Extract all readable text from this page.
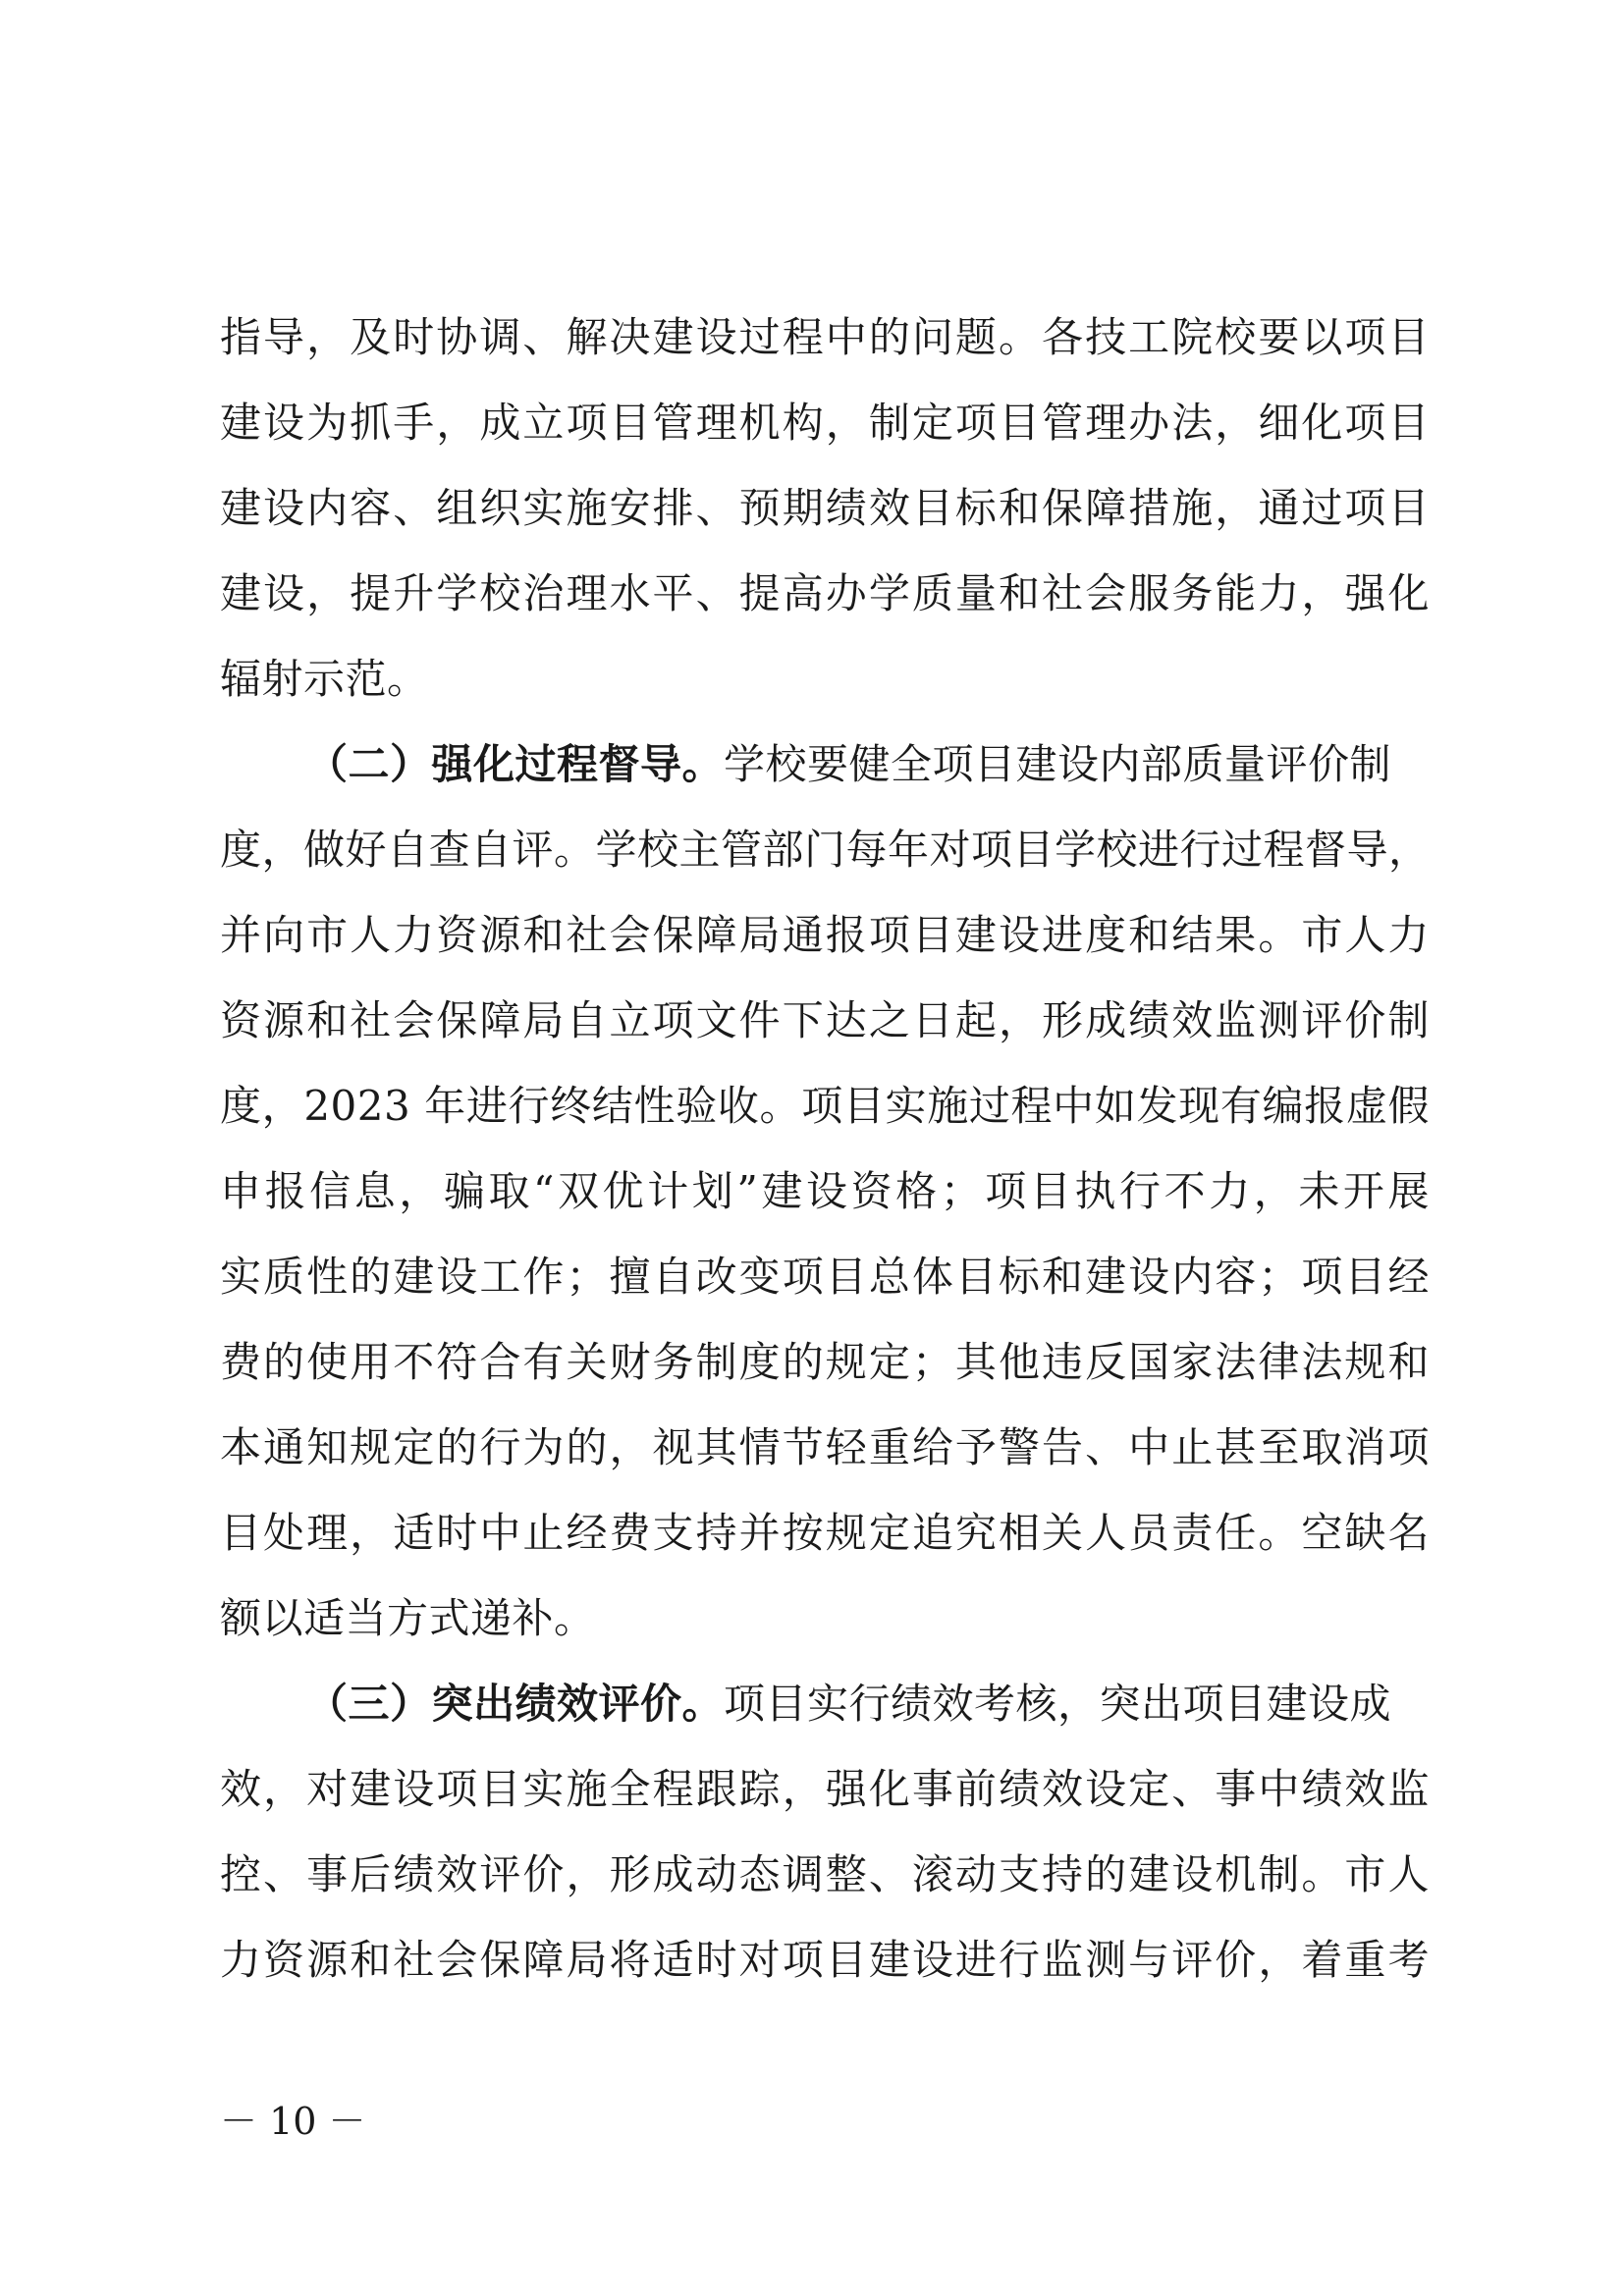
指导，及时协调、解决建设过程中的问题。各技工院校要以项目
建设为抓手，成立项目管理机构，制定项目管理办法，细化项目
建设内容、组织实施安排、预期绩效目标和保障措施，通过项目
建设，提升学校治理水平、提高办学质量和社会服务能力，强化
辐射示范。
（二）强化过程督导。学校要健全项目建设内部质量评价制
度，做好自查自评。学校主管部门每年对项目学校进行过程督导，
并向市人力资源和社会保障局通报项目建设进度和结果。市人力
资源和社会保障局自立项文件下达之日起，形成绩效监测评价制
度，2023 年进行终结性验收。项目实施过程中如发现有编报虚假
申报信息，骗取“双优计划”建设资格；项目执行不力，未开展
实质性的建设工作；擅自改变项目总体目标和建设内容；项目经
费的使用不符合有关财务制度的规定；其他违反国家法律法规和
本通知规定的行为的，视其情节轻重给予警告、中止甚至取消项
目处理，适时中止经费支持并按规定追究相关人员责任。空缺名
额以适当方式递补。
（三）突出绩效评价。项目实行绩效考核，突出项目建设成
效，对建设项目实施全程跟踪，强化事前绩效设定、事中绩效监
控、事后绩效评价，形成动态调整、滚动支持的建设机制。市人
力资源和社会保障局将适时对项目建设进行监测与评价，着重考
－ 10 －
